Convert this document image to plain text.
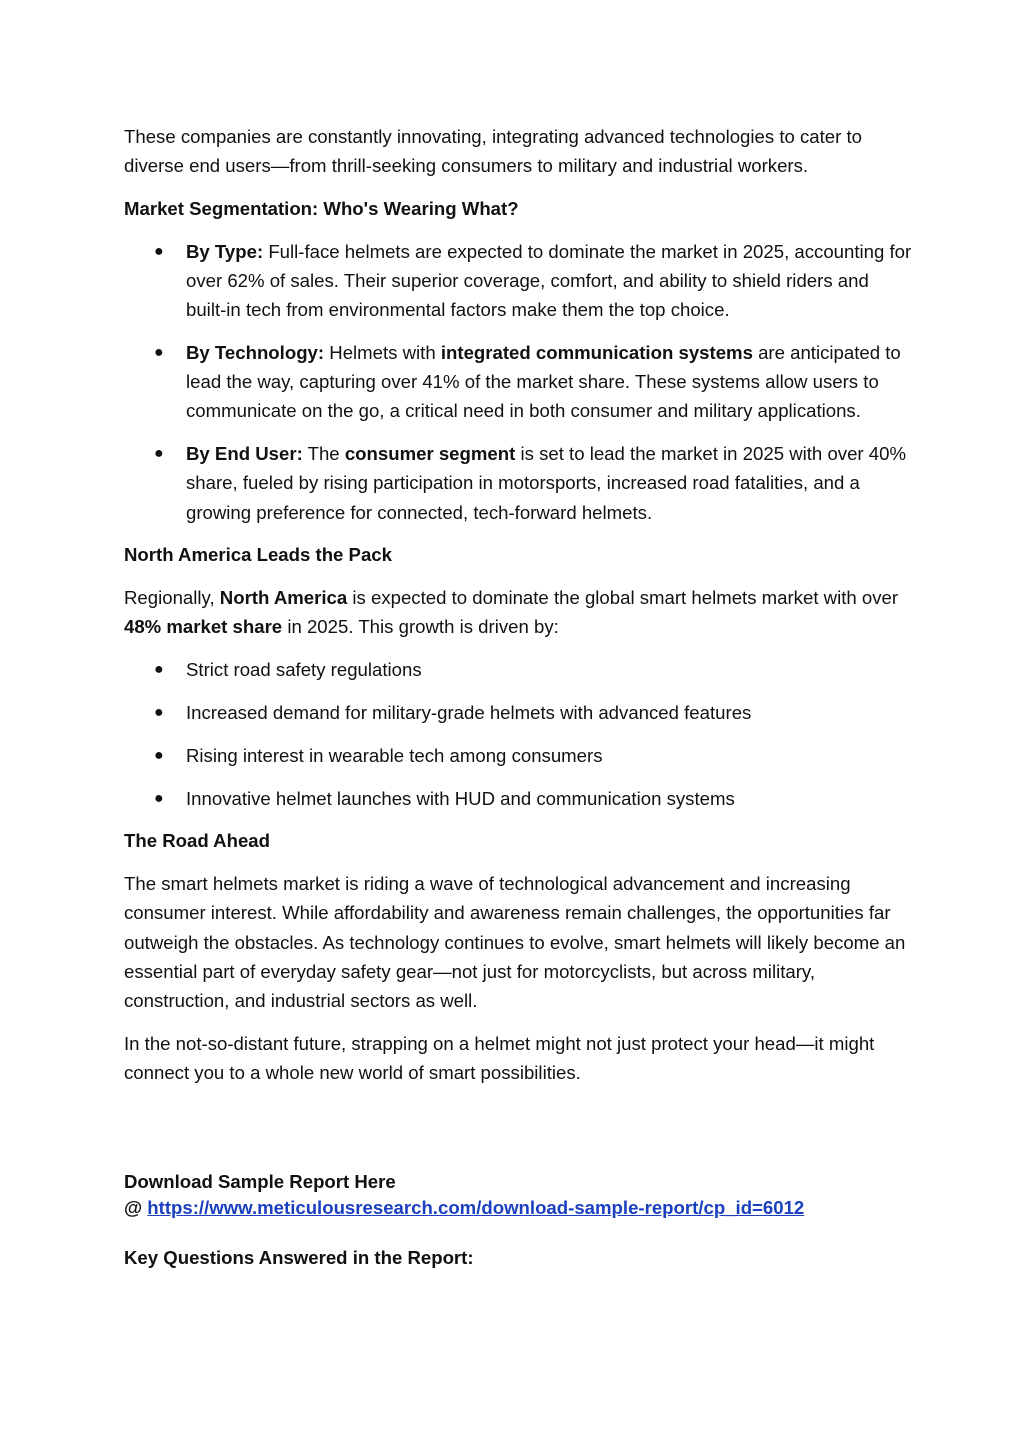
These companies are constantly innovating, integrating advanced technologies to cater to diverse end users—from thrill-seeking consumers to military and industrial workers.

Market Segmentation: Who's Wearing What?
● By Type: Full-face helmets are expected to dominate the market in 2025, accounting for over 62% of sales. Their superior coverage, comfort, and ability to shield riders and built-in tech from environmental factors make them the top choice.
● By Technology: Helmets with integrated communication systems are anticipated to lead the way, capturing over 41% of the market share. These systems allow users to communicate on the go, a critical need in both consumer and military applications.
● By End User: The consumer segment is set to lead the market in 2025 with over 40% share, fueled by rising participation in motorsports, increased road fatalities, and a growing preference for connected, tech-forward helmets.
North America Leads the Pack

Regionally, North America is expected to dominate the global smart helmets market with over 48% market share in 2025. This growth is driven by:

● Strict road safety regulations
● Increased demand for military-grade helmets with advanced features
● Rising interest in wearable tech among consumers
● Innovative helmet launches with HUD and communication systems
The Road Ahead

The smart helmets market is riding a wave of technological advancement and increasing consumer interest. While affordability and awareness remain challenges, the opportunities far outweigh the obstacles. As technology continues to evolve, smart helmets will likely become an essential part of everyday safety gear—not just for motorcyclists, but across military, construction, and industrial sectors as well.

In the not-so-distant future, strapping on a helmet might not just protect your head—it might connect you to a whole new world of smart possibilities.

Download Sample Report Here
@ https://www.meticulousresearch.com/download-sample-report/cp_id=6012
Key Questions Answered in the Report:
